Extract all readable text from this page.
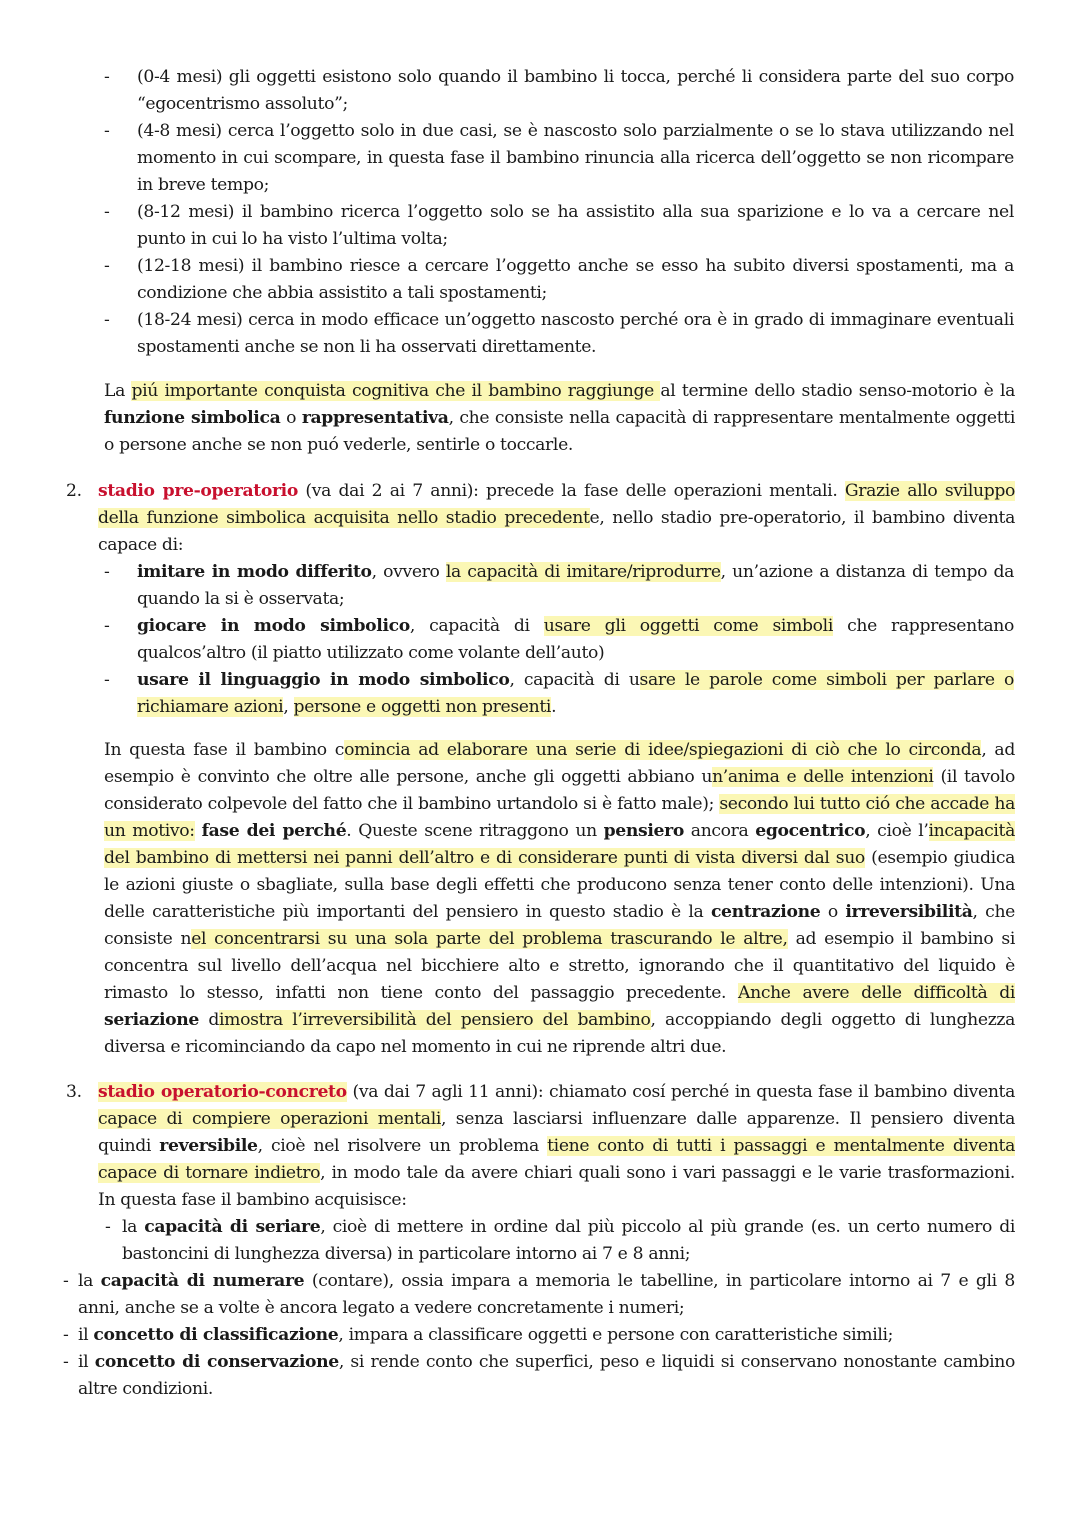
- (0-4 mesi) gli oggetti esistono solo quando il bambino li tocca, perché li considera parte del suo corpo “egocentrismo assoluto”;
- (4-8 mesi) cerca l’oggetto solo in due casi, se è nascosto solo parzialmente o se lo stava utilizzando nel momento in cui scompare, in questa fase il bambino rinuncia alla ricerca dell’oggetto se non ricompare in breve tempo;
- (8-12 mesi) il bambino ricerca l’oggetto solo se ha assistito alla sua sparizione e lo va a cercare nel punto in cui lo ha visto l’ultima volta;
- (12-18 mesi) il bambino riesce a cercare l’oggetto anche se esso ha subito diversi spostamenti, ma a condizione che abbia assistito a tali spostamenti;
- (18-24 mesi) cerca in modo efficace un’oggetto nascosto perché ora è in grado di immaginare eventuali spostamenti anche se non li ha osservati direttamente.
La piú importante conquista cognitiva che il bambino raggiunge al termine dello stadio senso-motorio è la funzione simbolica o rappresentativa, che consiste nella capacità di rappresentare mentalmente oggetti o persone anche se non puó vederle, sentirle o toccarle.
2. stadio pre-operatorio (va dai 2 ai 7 anni): precede la fase delle operazioni mentali. Grazie allo sviluppo della funzione simbolica acquisita nello stadio precedente, nello stadio pre-operatorio, il bambino diventa capace di:
- imitare in modo differito, ovvero la capacità di imitare/riprodurre, un’azione a distanza di tempo da quando la si è osservata;
- giocare in modo simbolico, capacità di usare gli oggetti come simboli che rappresentano qualcos’altro (il piatto utilizzato come volante dell’auto)
- usare il linguaggio in modo simbolico, capacità di usare le parole come simboli per parlare o richiamare azioni, persone e oggetti non presenti.
In questa fase il bambino comincia ad elaborare una serie di idee/spiegazioni di ciò che lo circonda, ad esempio è convinto che oltre alle persone, anche gli oggetti abbiano un’anima e delle intenzioni (il tavolo considerato colpevole del fatto che il bambino urtandolo si è fatto male); secondo lui tutto ció che accade ha un motivo: fase dei perché. Queste scene ritraggono un pensiero ancora egocentrico, cioè l’incapacità del bambino di mettersi nei panni dell’altro e di considerare punti di vista diversi dal suo (esempio giudica le azioni giuste o sbagliate, sulla base degli effetti che producono senza tener conto delle intenzioni). Una delle caratteristiche più importanti del pensiero in questo stadio è la centrazione o irreversibilità, che consiste nel concentrarsi su una sola parte del problema trascurando le altre, ad esempio il bambino si concentra sul livello dell’acqua nel bicchiere alto e stretto, ignorando che il quantitativo del liquido è rimasto lo stesso, infatti non tiene conto del passaggio precedente. Anche avere delle difficoltà di seriazione dimostra l’irreversibilità del pensiero del bambino, accoppiando degli oggetto di lunghezza diversa e ricominciando da capo nel momento in cui ne riprende altri due.
3. stadio operatorio-concreto (va dai 7 agli 11 anni): chiamato cosí perché in questa fase il bambino diventa capace di compiere operazioni mentali, senza lasciarsi influenzare dalle apparenze. Il pensiero diventa quindi reversibile, cioè nel risolvere un problema tiene conto di tutti i passaggi e mentalmente diventa capace di tornare indietro, in modo tale da avere chiari quali sono i vari passaggi e le varie trasformazioni. In questa fase il bambino acquisisce:
- la capacità di seriare, cioè di mettere in ordine dal più piccolo al più grande (es. un certo numero di bastoncini di lunghezza diversa) in particolare intorno ai 7 e 8 anni;
- la capacità di numerare (contare), ossia impara a memoria le tabelline, in particolare intorno ai 7 e gli 8 anni, anche se a volte è ancora legato a vedere concretamente i numeri;
- il concetto di classificazione, impara a classificare oggetti e persone con caratteristiche simili;
- il concetto di conservazione, si rende conto che superfici, peso e liquidi si conservano nonostante cambino altre condizioni.
